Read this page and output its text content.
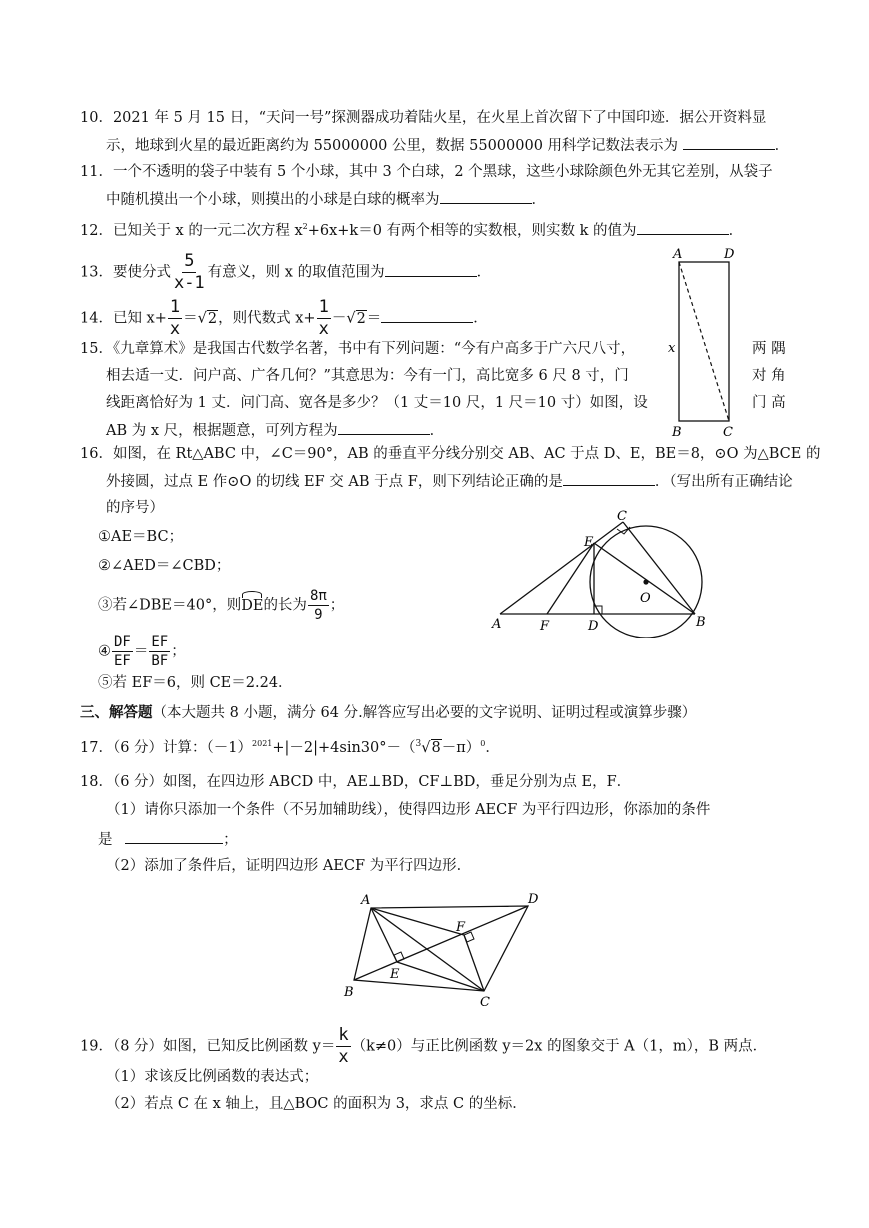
10．2021 年 5 月 15 日，“天问一号”探测器成功着陆火星，在火星上首次留下了中国印迹．据公开资料显
示，地球到火星的最近距离约为 55000000 公里，数据 55000000 用科学记数法表示为	．
11．一个不透明的袋子中装有 5 个小球，其中 3 个白球，2 个黑球，这些小球除颜色外无其它差别，从袋子
中随机摸出一个小球，则摸出的小球是白球的概率为	．
12．已知关于 x 的一元二次方程 $x^2+6x+k=0$ 有两个相等的实数根，则实数 k 的值为	．
13．要使分式 $\frac{5}{x-1}$ 有意义，则 x 的取值范围为	．
14．已知 $x+ \frac{1}{x} =√2$，则代数式 $x+ \frac{1}{x} -√2=$	．
15．《九章算术》是我国古代数学名著，书中有下列问题：“今有户高多于广六尺八寸，	两 隅
相去适一丈．问户高、广各几何？”其意思为：今有一门，高比宽多 6 尺 8 寸，门	对 角
线距离恰好为 1 丈．问门高、宽各是多少？（1 丈＝10 尺，1 尺＝10 寸）如图，设	门 高
AB 为 x 尺，根据题意，可列方程为	．
A	D
x
B	C
16．如图，在 Rt△ABC 中，∠C＝90°，AB 的垂直平分线分别交 AB、AC 于点 D、E，BE＝8，⊙O 为△BCE 的
外接圆，过点 E 作⊙O 的切线 EF 交 AB 于点 F，则下列结论正确的是	．（写出所有正确结论
的序号）
①AE＝BC；
②∠AED＝∠CBD；
③若∠DBE＝40°，则DE的长为 $\frac{8\pi}{9}$ ；
④ $\frac{DF}{EF} = \frac{EF}{BF}$ ；
⑤若 EF＝6，则 CE＝2.24．
A	F	D	B
E
C
O
三、解答题（本大题共 8 小题，满分 64 分.解答应写出必要的文字说明、证明过程或演算步骤）
17．（6 分）计算：$(-1)^{2021}+|-2|+4\sin 30^\circ-(^3√8-\pi)^0$．
18．（6 分）如图，在四边形 ABCD 中，AE⊥BD，CF⊥BD，垂足分别为点 E，F．
（1）请你只添加一个条件（不另加辅助线），使得四边形 AECF 为平行四边形，你添加的条件
是	；
（2）添加了条件后，证明四边形 AECF 为平行四边形．
A	D
F
E
B
C
19．（8 分）如图，已知反比例函数 $y= \frac{k}{x} (k\ne 0)$与正比例函数 y＝2x 的图象交于 A（1，m），B 两点．
（1）求该反比例函数的表达式；
（2）若点 C 在 x 轴上，且△BOC 的面积为 3，求点 C 的坐标．
